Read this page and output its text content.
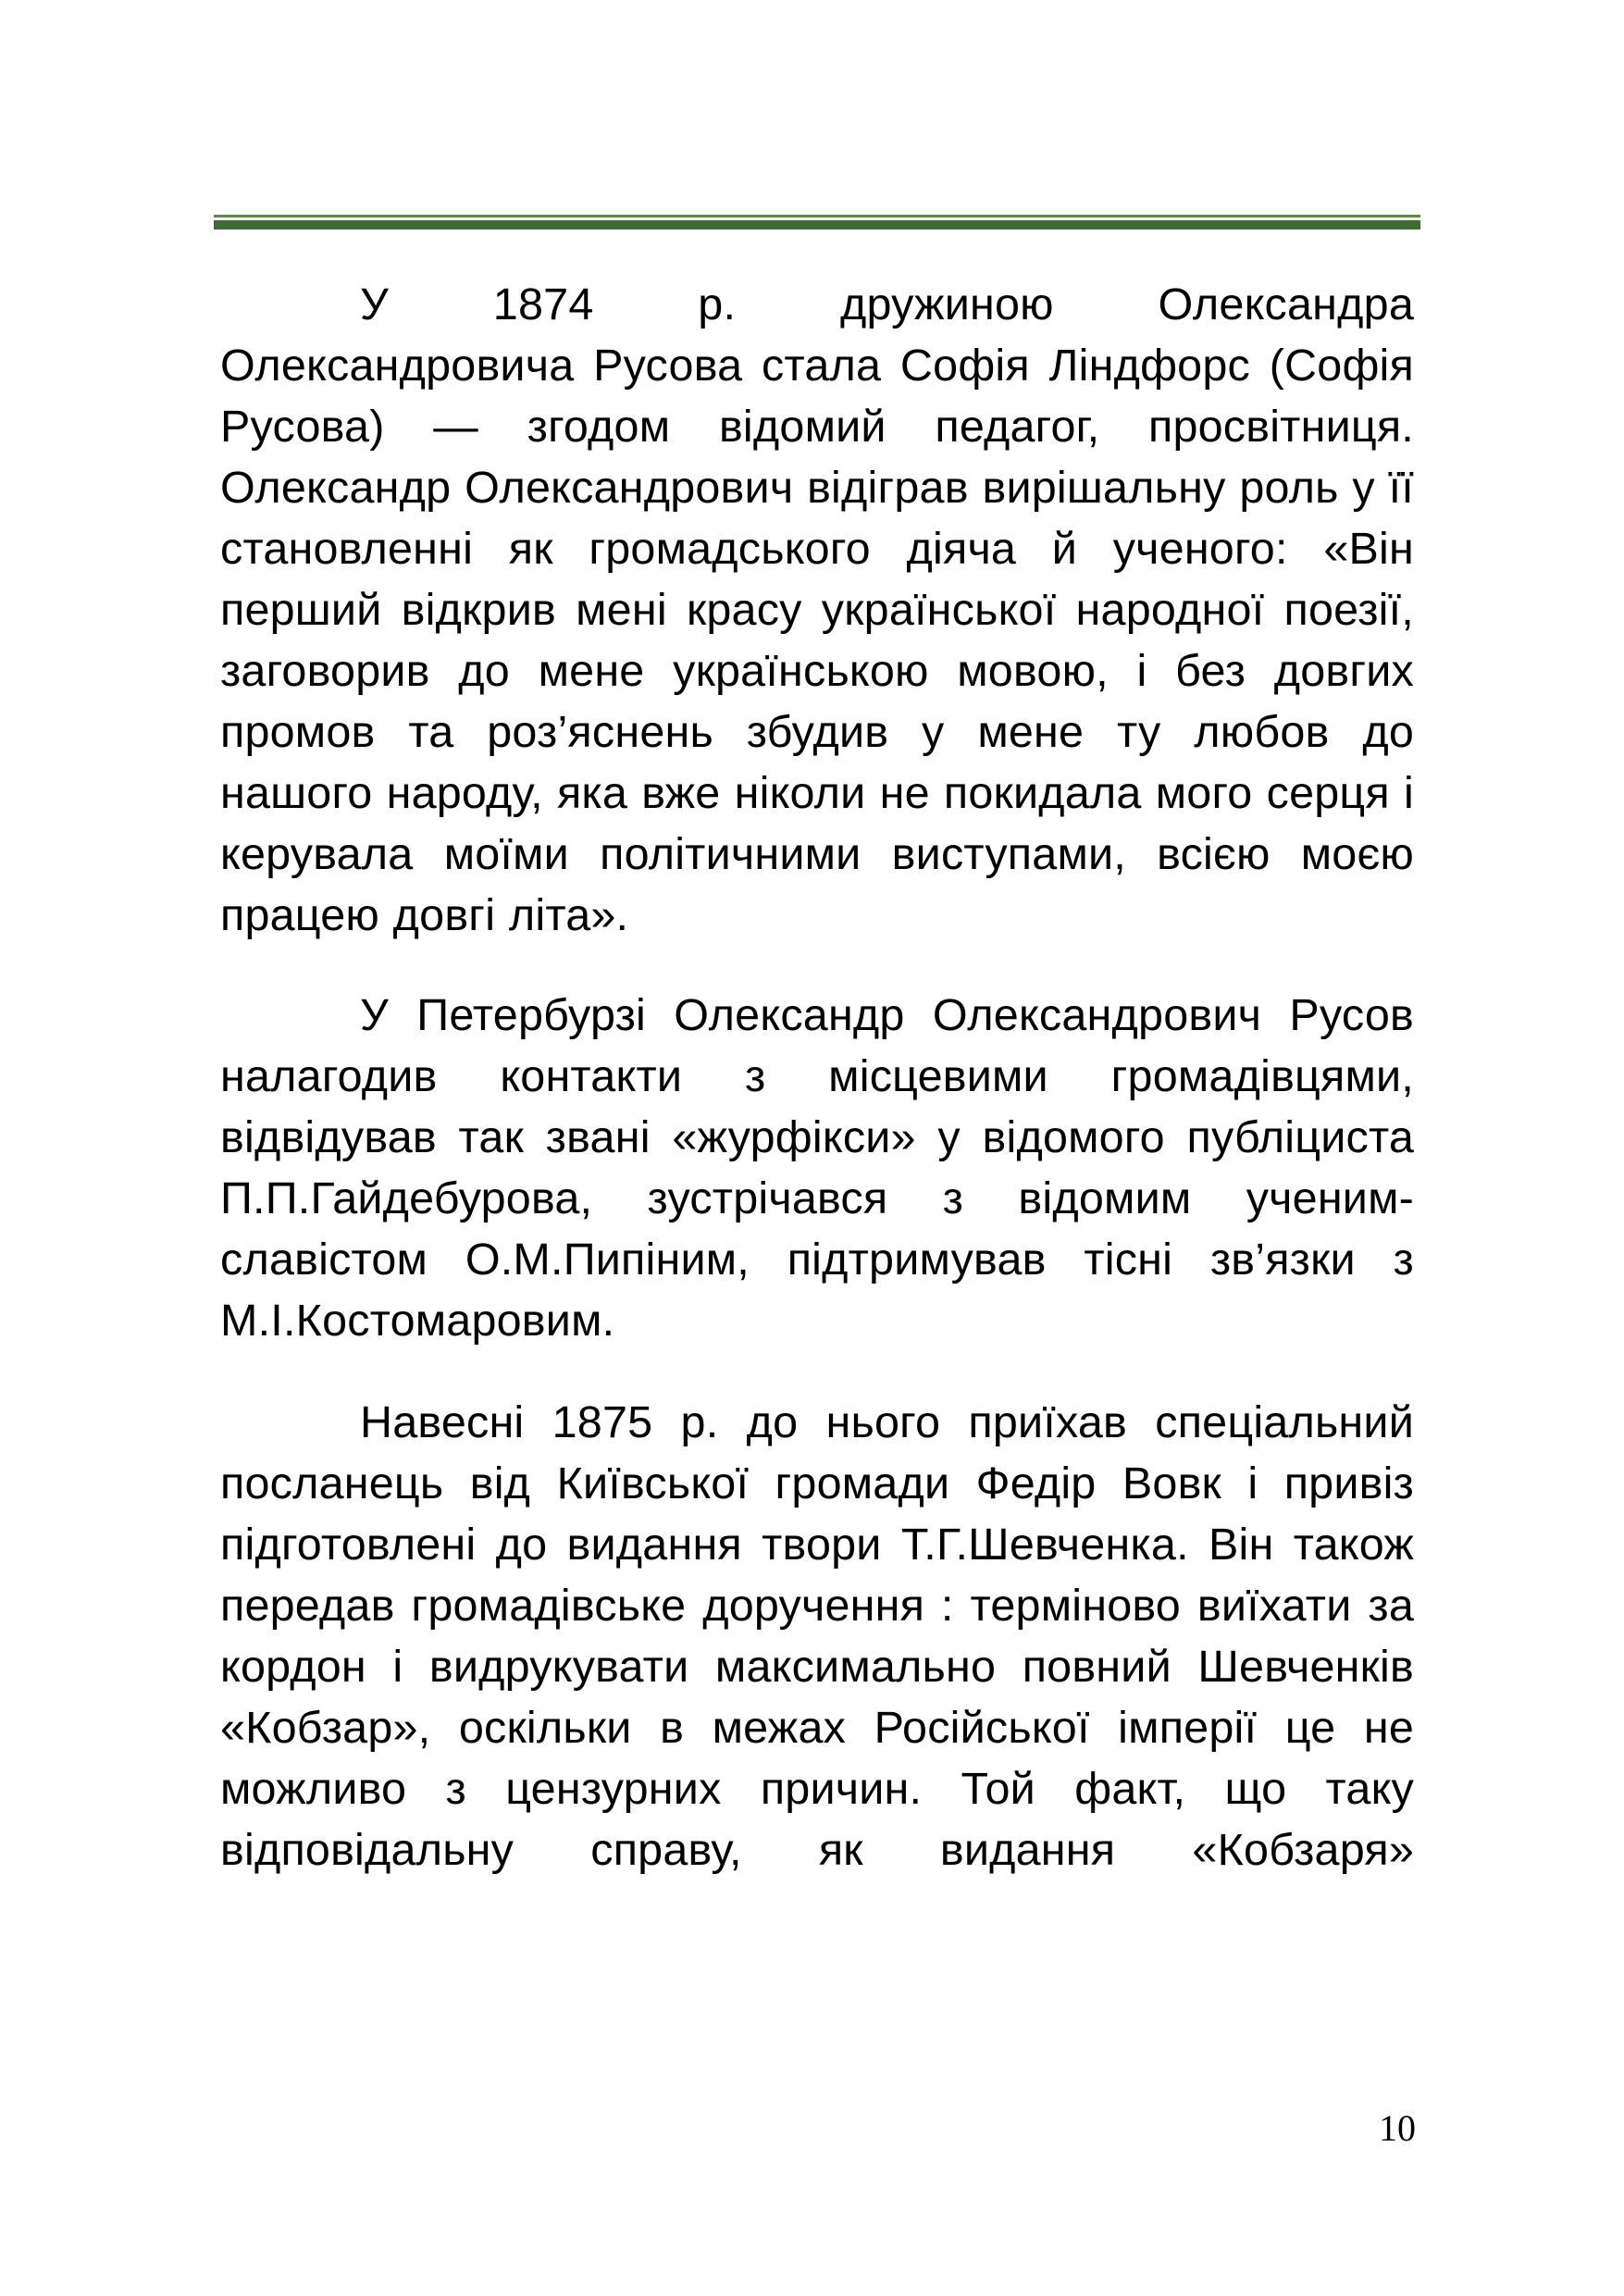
У 1874 р. дружиною Олександра Олександровича Русова стала Софія Ліндфорс (Софія Русова) — згодом відомий педагог, просвітниця. Олександр Олександрович відіграв вирішальну роль у її становленні як громадського діяча й ученого: «Він перший відкрив мені красу української народної поезії, заговорив до мене українською мовою, і без довгих промов та роз’яснень збудив у мене ту любов до нашого народу, яка вже ніколи не покидала мого серця і керувала моїми політичними виступами, всією моєю працею довгі літа».

У Петербурзі Олександр Олександрович Русов налагодив контакти з місцевими громадівцями, відвідував так звані «журфікси» у відомого публіциста П.П.Гайдебурова, зустрічався з відомим ученим-славістом О.М.Пипіним, підтримував тісні зв’язки з М.І.Костомаровим.

Навесні 1875 р. до нього приїхав спеціальний посланець від Київської громади Федір Вовк і привіз підготовлені до видання твори Т.Г.Шевченка. Він також передав громадівське доручення : терміново виїхати за кордон і видрукувати максимально повний Шевченків «Кобзар», оскільки в межах Російської імперії це не можливо з цензурних причин. Той факт, що таку відповідальну справу, як видання «Кобзаря»

10
